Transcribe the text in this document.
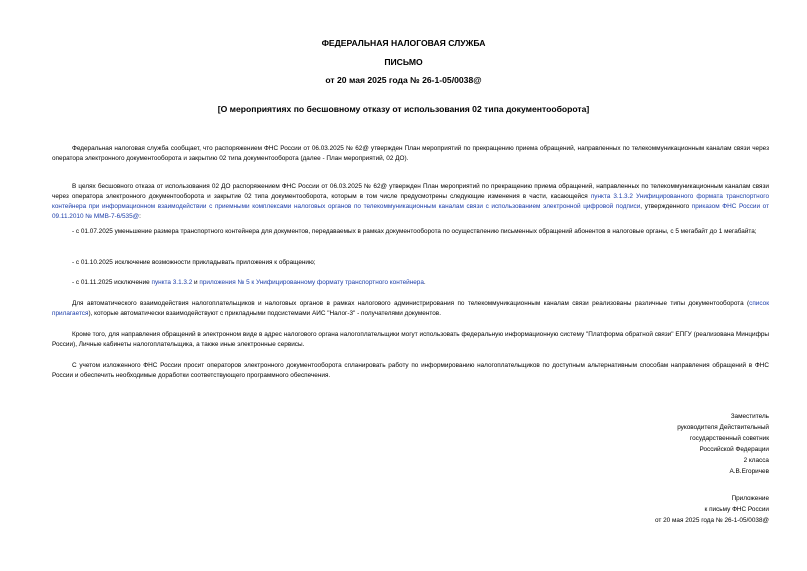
ФЕДЕРАЛЬНАЯ НАЛОГОВАЯ СЛУЖБА
ПИСЬМО
от 20 мая 2025 года № 26-1-05/0038@
[О мероприятиях по бесшовному отказу от использования 02 типа документооборота]

Федеральная налоговая служба сообщает, что распоряжением ФНС России от 06.03.2025 № 62@ утвержден План мероприятий по прекращению приема обращений, направленных по телекоммуникационным каналам связи через оператора электронного документооборота и закрытию 02 типа документооборота (далее - План мероприятий, 02 ДО).

В целях бесшовного отказа от использования 02 ДО распоряжением ФНС России от 06.03.2025 № 62@ утвержден План мероприятий по прекращению приема обращений, направленных по телекоммуникационным каналам связи через оператора электронного документооборота и закрытие 02 типа документооборота, которым в том числе предусмотрены следующие изменения в части, касающейся пункта 3.1.3.2 Унифицированного формата транспортного контейнера при информационном взаимодействии с приемными комплексами налоговых органов по телекоммуникационным каналам связи с использованием электронной цифровой подписи, утвержденного приказом ФНС России от 09.11.2010 № ММВ-7-6/535@:

- с 01.07.2025 уменьшение размера транспортного контейнера для документов, передаваемых в рамках документооборота по осуществлению письменных обращений абонентов в налоговые органы, с 5 мегабайт до 1 мегабайта;

- с 01.10.2025 исключение возможности прикладывать приложения к обращению;

- с 01.11.2025 исключение пункта 3.1.3.2 и приложения № 5 к Унифицированному формату транспортного контейнера.

Для автоматического взаимодействия налогоплательщиков и налоговых органов в рамках налогового администрирования по телекоммуникационным каналам связи реализованы различные типы документооборота (список прилагается), которые автоматически взаимодействуют с прикладными подсистемами АИС "Налог-3" - получателями документов.

Кроме того, для направления обращений в электронном виде в адрес налогового органа налогоплательщики могут использовать федеральную информационную систему "Платформа обратной связи" ЕПГУ (реализована Минцифры России), Личные кабинеты налогоплательщика, а также иные электронные сервисы.

С учетом изложенного ФНС России просит операторов электронного документооборота спланировать работу по информированию налогоплательщиков по доступным альтернативным способам направления обращений в ФНС России и обеспечить необходимые доработки соответствующего программного обеспечения.

Заместитель
руководителя Действительный
государственный советник
Российской Федерации
2 класса
А.В.Егоричев
Приложение
к письму ФНС России
от 20 мая 2025 года № 26-1-05/0038@
